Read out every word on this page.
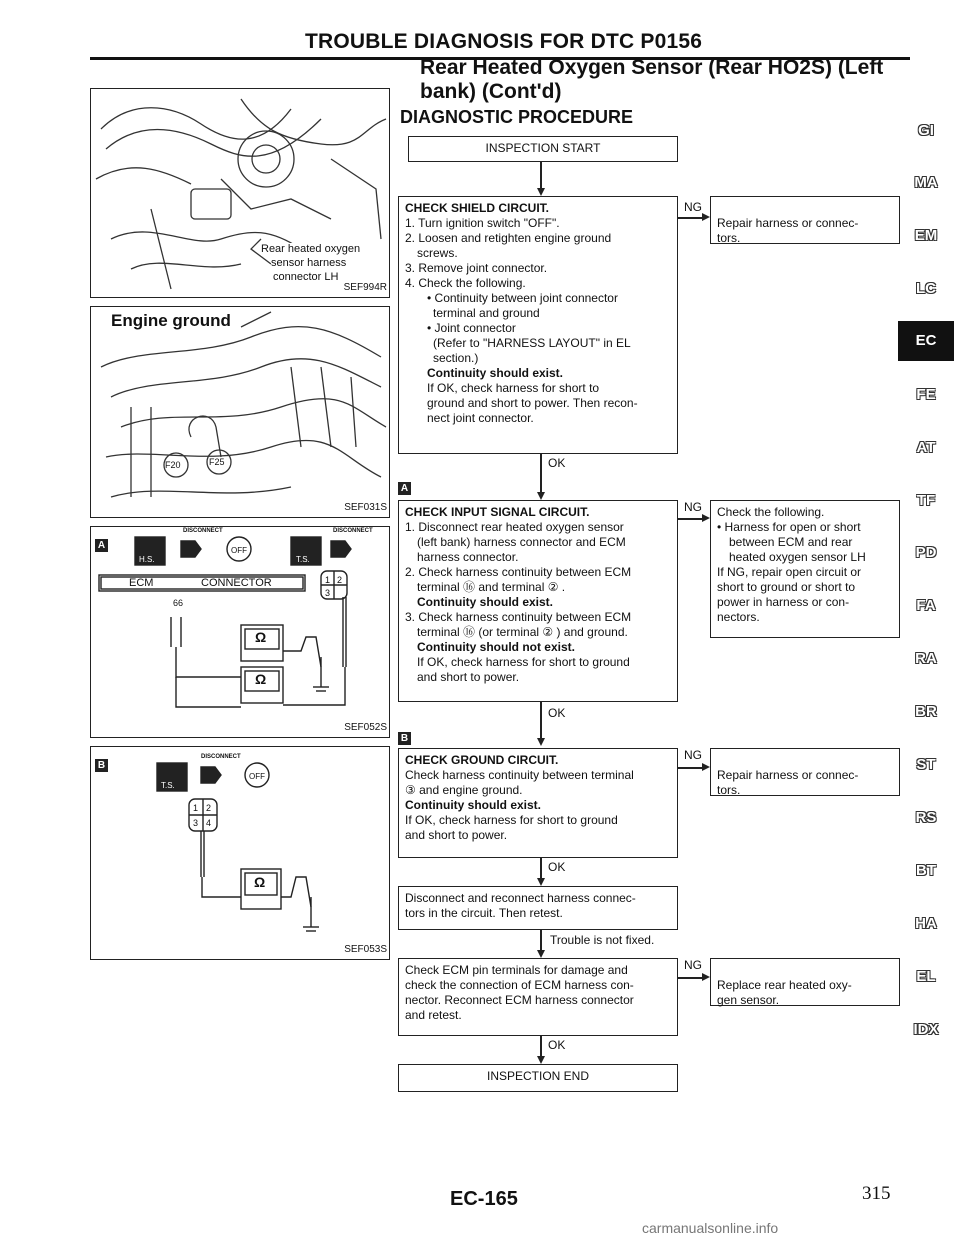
TROUBLE DIAGNOSIS FOR DTC P0156
Rear Heated Oxygen Sensor (Rear HO2S) (Left bank) (Cont'd)
DIAGNOSTIC PROCEDURE
Rear heated oxygen
sensor harness
connector LH
SEF994R
Engine ground
F20	F25
SEF031S
A
DISCONNECT	DISCONNECT
H.S.	T.S.
OFF
ECM	CONNECTOR
66
1 2
3
Ω
Ω
SEF052S
B
DISCONNECT
T.S.
OFF
1 2
3 4
Ω
SEF053S
INSPECTION START
CHECK SHIELD CIRCUIT.
1. Turn ignition switch "OFF".
2. Loosen and retighten engine ground
screws.
3. Remove joint connector.
4. Check the following.
• Continuity between joint connector
terminal and ground
• Joint connector
(Refer to "HARNESS LAYOUT" in EL
section.)
Continuity should exist.
If OK, check harness for short to
ground and short to power. Then recon-
nect joint connector.
NG

Repair harness or connec-
tors.

OK
A
CHECK INPUT SIGNAL CIRCUIT.
1. Disconnect rear heated oxygen sensor
(left bank) harness connector and ECM
harness connector.
2. Check harness continuity between ECM
terminal ⑯ and terminal ② .
Continuity should exist.
3. Check harness continuity between ECM
terminal ⑯ (or terminal ② ) and ground.
Continuity should not exist.
If OK, check harness for short to ground
and short to power.
NG Check the following.
• Harness for open or short
between ECM and rear
heated oxygen sensor LH
If NG, repair open circuit or
short to ground or short to
power in harness or con-
nectors.
OK
B
CHECK GROUND CIRCUIT.
Check harness continuity between terminal
③ and engine ground.
Continuity should exist.
If OK, check harness for short to ground
and short to power.
NG

Repair harness or connec-
tors.

OK
Disconnect and reconnect harness connec-
tors in the circuit. Then retest.
Trouble is not fixed.
Check ECM pin terminals for damage and
check the connection of ECM harness con-
nector. Reconnect ECM harness connector
and retest.
NG

Replace rear heated oxy-
gen sensor.

OK
INSPECTION END
GI
MA
EM
LC
EC
FE
AT
TF
PD
FA
RA
BR
ST
RS
BT
HA
EL
IDX
EC-165	315
carmanualsonline.info
